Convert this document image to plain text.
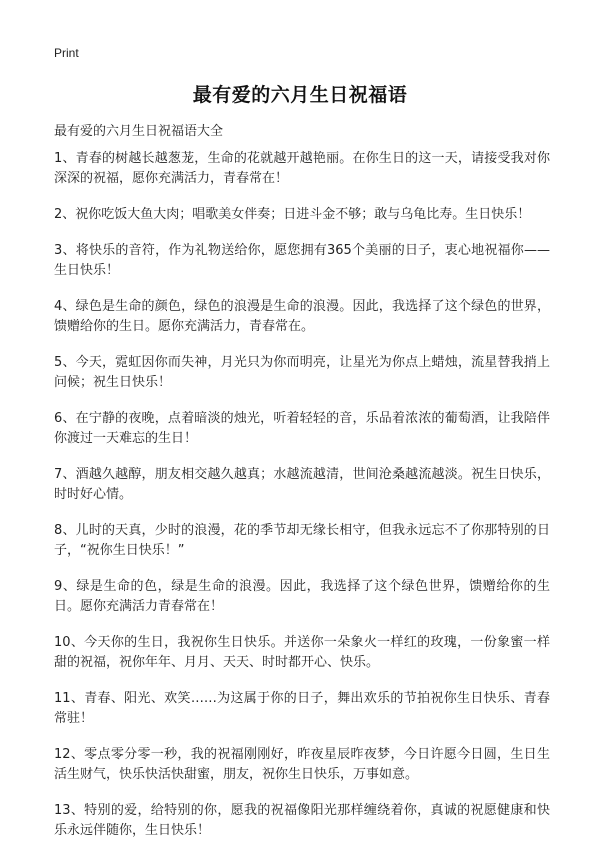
Print
最有爱的六月生日祝福语
最有爱的六月生日祝福语大全

1、青春的树越长越葱茏，生命的花就越开越艳丽。在你生日的这一天，请接受我对你深深的祝福，愿你充满活力，青春常在！

2、祝你吃饭大鱼大肉；唱歌美女伴奏；日进斗金不够；敢与乌龟比寿。生日快乐！

3、将快乐的音符，作为礼物送给你，愿您拥有365个美丽的日子，衷心地祝福你——生日快乐！

4、绿色是生命的颜色，绿色的浪漫是生命的浪漫。因此，我选择了这个绿色的世界，馈赠给你的生日。愿你充满活力，青春常在。

5、今天，霓虹因你而失神，月光只为你而明亮，让星光为你点上蜡烛，流星替我捎上问候；祝生日快乐！

6、在宁静的夜晚，点着暗淡的烛光，听着轻轻的音，乐品着浓浓的葡萄酒，让我陪伴你渡过一天难忘的生日！

7、酒越久越醇，朋友相交越久越真；水越流越清，世间沧桑越流越淡。祝生日快乐，时时好心情。

8、儿时的天真，少时的浪漫，花的季节却无缘长相守，但我永远忘不了你那特别的日子，“祝你生日快乐！”

9、绿是生命的色，绿是生命的浪漫。因此，我选择了这个绿色世界，馈赠给你的生日。愿你充满活力青春常在！

10、今天你的生日，我祝你生日快乐。并送你一朵象火一样红的玫瑰，一份象蜜一样甜的祝福，祝你年年、月月、天天、时时都开心、快乐。

11、青春、阳光、欢笑……为这属于你的日子，舞出欢乐的节拍祝你生日快乐、青春常驻！

12、零点零分零一秒，我的祝福刚刚好，昨夜星辰昨夜梦，今日许愿今日圆，生日生活生财气，快乐快活快甜蜜，朋友，祝你生日快乐，万事如意。

13、特别的爱，给特别的你，愿我的祝福像阳光那样缠绕着你，真诚的祝愿健康和快乐永远伴随你，生日快乐！
